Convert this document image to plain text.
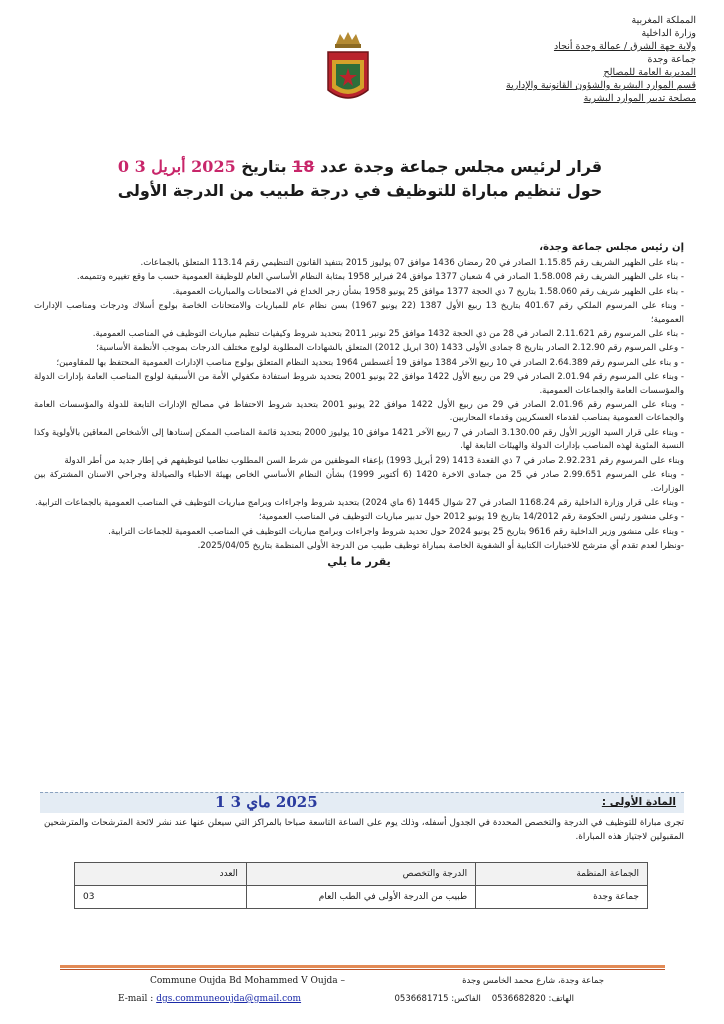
المملكة المغربية
وزارة الداخلية
ولاية جهة الشرق / عمالة وجدة أنجاد
جماعة وجدة
المديرية العامة للمصالح
قسم الموارد البشرية والشؤون القانونية والإدارية
مصلحة تدبير الموارد البشرية
قرار لرئيس مجلس جماعة وجدة عدد 18 بتاريخ 2025 أبريل 3 0
حول تنظيم مباراة للتوظيف في درجة طبيب من الدرجة الأولى

إن رئيس مجلس جماعة وجدة،

- بناء على الظهير الشريف رقم 1.15.85 الصادر في 20 رمضان 1436 موافق 07 يوليوز 2015 بتنفيذ القانون التنظيمي رقم 113.14 المتعلق بالجماعات.

- بناء على الظهير الشريف رقم 1.58.008 الصادر في 4 شعبان 1377 موافق 24 فبراير 1958 بمثابة النظام الأساسي العام للوظيفة العمومية حسب ما وقع تغييره وتتميمه.

- بناء على الظهير شريف رقم 1.58.060 بتاريخ 7 ذي الحجة 1377 موافق 25 يونيو 1958 بشأن زجر الخداع في الامتحانات والمباريات العمومية.

- وبناء على المرسوم الملكي رقم 401.67 بتاريخ 13 ربيع الأول 1387 (22 يونيو 1967) بسن نظام عام للمباريات والامتحانات الخاصة بولوج أسلاك ودرجات ومناصب الإدارات العمومية؛

- بناء على المرسوم رقم 2.11.621 الصادر في 28 من ذي الحجة 1432 موافق 25 نونبر 2011 بتحديد شروط وكيفيات تنظيم مباريات التوظيف في المناصب العمومية.

- وعلى المرسوم رقم 2.12.90 الصادر بتاريخ 8 جمادى الأولى 1433 (30 ابريل 2012) المتعلق بالشهادات المطلوبة لولوج مختلف الدرجات بموجب الأنظمة الأساسية؛

- و بناء على المرسوم رقم 2.64.389 الصادر في 10 ربيع الآخر 1384 موافق 19 أغسطس 1964 بتحديد النظام المتعلق بولوج مناصب الإدارات العمومية المحتفظ بها للمقاومين؛

- وبناء على المرسوم رقم 2.01.94 الصادر في 29 من ربيع الأول 1422 موافق 22 يونيو 2001 بتحديد شروط استفادة مكفولي الأمة من الأسبقية لولوج المناصب العامة بإدارات الدولة والمؤسسات العامة والجماعات العمومية.

- وبناء على المرسوم رقم 2.01.96 الصادر في 29 من ربيع الأول 1422 موافق 22 يونيو 2001 بتحديد شروط الاحتفاظ في مصالح الإدارات التابعة للدولة والمؤسسات العامة والجماعات العمومية بمناصب لقدماء العسكريين وقدماء المحاربين.

- وبناء على قرار السيد الوزير الأول رقم 3.130.00 الصادر في 7 ربيع الآخر 1421 موافق 10 يوليوز 2000 بتحديد قائمة المناصب الممكن إسنادها إلى الأشخاص المعاقين بالأولوية وكذا النسبة المئوية لهذه المناصب بإدارات الدولة والهيئات التابعة لها.

وبناء على المرسوم رقم 2.92.231 صادر في 7 ذي القعدة 1413 (29 أبريل 1993) بإعفاء الموظفين من شرط السن المطلوب نظاميا لتوظيفهم في إطار جديد من أطر الدولة

- وبناء على المرسوم 2.99.651 صادر في 25 من جمادى الاخرة 1420 (6 أكتوبر 1999) بشأن النظام الأساسي الخاص بهيئة الاطباء والصيادلة وجراحي الاسنان المشتركة بين الوزارات.

- وبناء على قرار وزارة الداخلية رقم 1168.24 الصادر في 27 شوال 1445 (6 ماي 2024) بتحديد شروط واجراءات وبرامج مباريات التوظيف في المناصب العمومية بالجماعات الترابية.

- وعلى منشور رئيس الحكومة رقم 14/2012 بتاريخ 19 يونيو 2012 حول تدبير مباريات التوظيف في المناصب العمومية؛

- وبناء على منشور وزير الداخلية رقم 9616 بتاريخ 25 يونيو 2024 حول تحديد شروط واجراءات وبرامج مباريات التوظيف في المناصب العمومية للجماعات الترابية.

-ونظرا لعدم تقدم أي مترشح للاختبارات الكتابية أو الشفوية الخاصة بمباراة توظيف طبيب من الدرجة الأولى المنظمة بتاريخ 2025/04/05.

يقرر ما يلي

المادة الأولى :
2025 ماي 3 1
تجرى مباراة للتوظيف في الدرجة والتخصص المحددة في الجدول أسفله، وذلك يوم على الساعة التاسعة صباحا بالمراكز التي سيعلن عنها عند نشر لائحة المترشحات والمترشحين المقبولين لاجتياز هذه المباراة.
الجماعة المنظمة	الدرجة والتخصص	العدد
جماعة وجدة	طبيب من الدرجة الأولى في الطب العام	03
Commune Oujda Bd Mohammed V Oujda –
E-mail : dgs.communeoujda@gmail.com
جماعة وجدة، شارع محمد الخامس وجدة
الهاتف: 0536682820    الفاكس: 0536681715
